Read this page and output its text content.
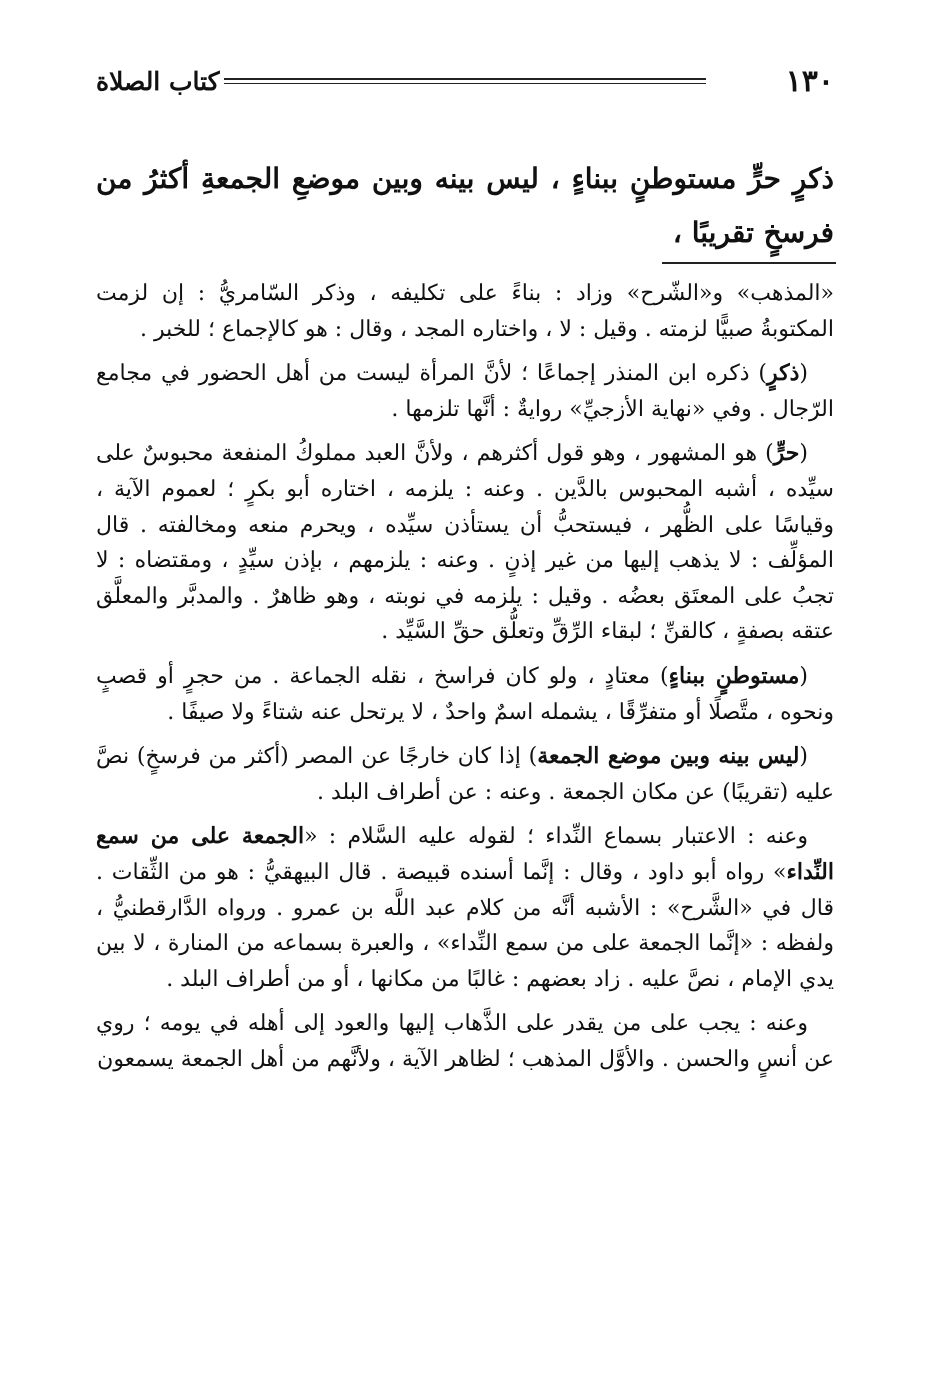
١٣٠
كتاب الصلاة
ذكرٍ حرٍّ مستوطنٍ ببناءٍ ، ليس بينه وبين موضعِ الجمعةِ أكثرُ من فرسخٍ تقريبًا ،

«المذهب» و«الشّرح» وزاد : بناءً على تكليفه ، وذكر السّامريُّ : إن لزمت المكتوبةُ صبيًّا لزمته . وقيل : لا ، واختاره المجد ، وقال : هو كالإجماع ؛ للخبر .

(ذكرٍ) ذكره ابن المنذر إجماعًا ؛ لأنَّ المرأة ليست من أهل الحضور في مجامع الرّجال . وفي «نهاية الأزجيِّ» روايةٌ : أنَّها تلزمها .

(حرٍّ) هو المشهور ، وهو قول أكثرهم ، ولأنَّ العبد مملوكُ المنفعة محبوسٌ على سيِّده ، أشبه المحبوس بالدَّين . وعنه : يلزمه ، اختاره أبو بكرٍ ؛ لعموم الآية ، وقياسًا على الظُّهر ، فيستحبُّ أن يستأذن سيِّده ، ويحرم منعه ومخالفته . قال المؤلِّف : لا يذهب إليها من غير إذنٍ . وعنه : يلزمهم ، بإذن سيِّدٍ ، ومقتضاه : لا تجبُ على المعتَق بعضُه . وقيل : يلزمه في نوبته ، وهو ظاهرٌ . والمدبَّر والمعلَّق عتقه بصفةٍ ، كالقنِّ ؛ لبقاء الرِّقِّ وتعلُّق حقِّ السَّيِّد .

(مستوطنٍ ببناءٍ) معتادٍ ، ولو كان فراسخ ، نقله الجماعة . من حجرٍ أو قصبٍ ونحوه ، متَّصلًا أو متفرِّقًا ، يشمله اسمٌ واحدٌ ، لا يرتحل عنه شتاءً ولا صيفًا .

(ليس بينه وبين موضع الجمعة) إذا كان خارجًا عن المصر (أكثر من فرسخٍ) نصَّ عليه (تقريبًا) عن مكان الجمعة . وعنه : عن أطراف البلد .

وعنه : الاعتبار بسماع النِّداء ؛ لقوله عليه السَّلام : «الجمعة على من سمع النِّداء» رواه أبو داود ، وقال : إنَّما أسنده قبيصة . قال البيهقيُّ : هو من الثِّقات . قال في «الشَّرح» : الأشبه أنَّه من كلام عبد اللَّه بن عمرو . ورواه الدَّارقطنيُّ ، ولفظه : «إنَّما الجمعة على من سمع النِّداء» ، والعبرة بسماعه من المنارة ، لا بين يدي الإمام ، نصَّ عليه . زاد بعضهم : غالبًا من مكانها ، أو من أطراف البلد .

وعنه : يجب على من يقدر على الذَّهاب إليها والعود إلى أهله في يومه ؛ روي عن أنسٍ والحسن . والأوَّل المذهب ؛ لظاهر الآية ، ولأنَّهم من أهل الجمعة يسمعون
